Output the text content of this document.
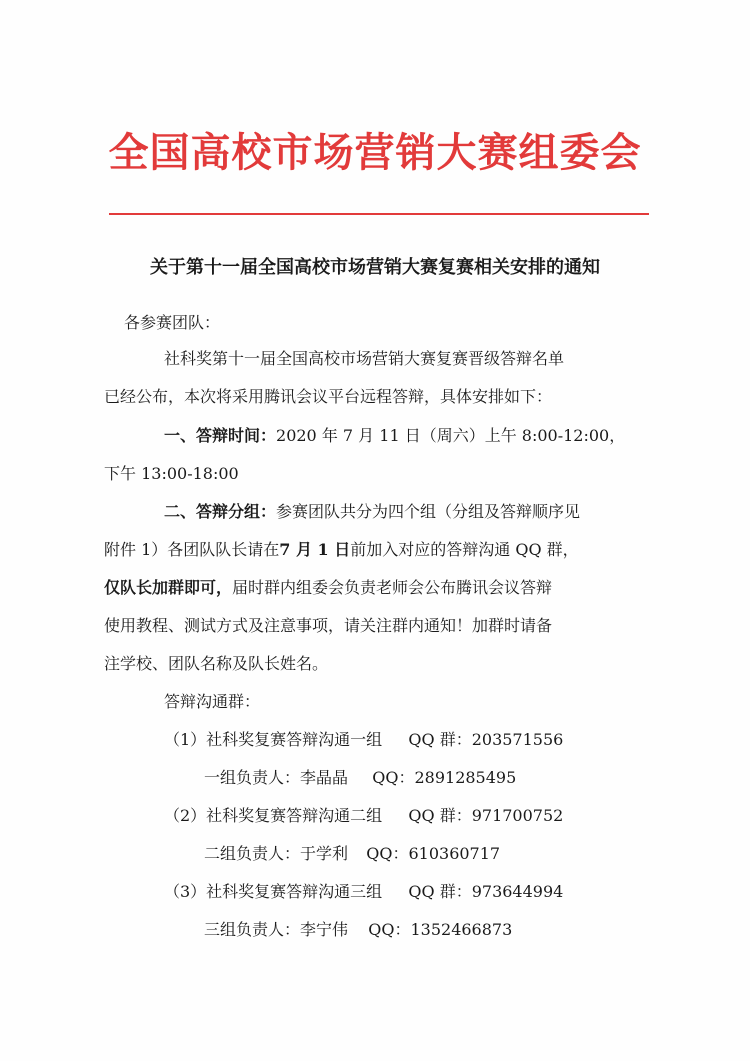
全国高校市场营销大赛组委会
关于第十一届全国高校市场营销大赛复赛相关安排的通知
各参赛团队：
社科奖第十一届全国高校市场营销大赛复赛晋级答辩名单
已经公布，本次将采用腾讯会议平台远程答辩，具体安排如下：
一、答辩时间：2020 年 7 月 11 日（周六）上午 8:00-12:00，
下午 13:00-18:00
二、答辩分组：参赛团队共分为四个组（分组及答辩顺序见
附件 1）各团队队长请在7 月 1 日前加入对应的答辩沟通 QQ 群，
仅队长加群即可，届时群内组委会负责老师会公布腾讯会议答辩
使用教程、测试方式及注意事项，请关注群内通知！加群时请备
注学校、团队名称及队长姓名。
答辩沟通群：
（1）社科奖复赛答辩沟通一组 QQ 群：203571556
一组负责人：李晶晶 QQ：2891285495
（2）社科奖复赛答辩沟通二组 QQ 群：971700752
二组负责人：于学利 QQ：610360717
（3）社科奖复赛答辩沟通三组 QQ 群：973644994
三组负责人：李宁伟 QQ：1352466873
